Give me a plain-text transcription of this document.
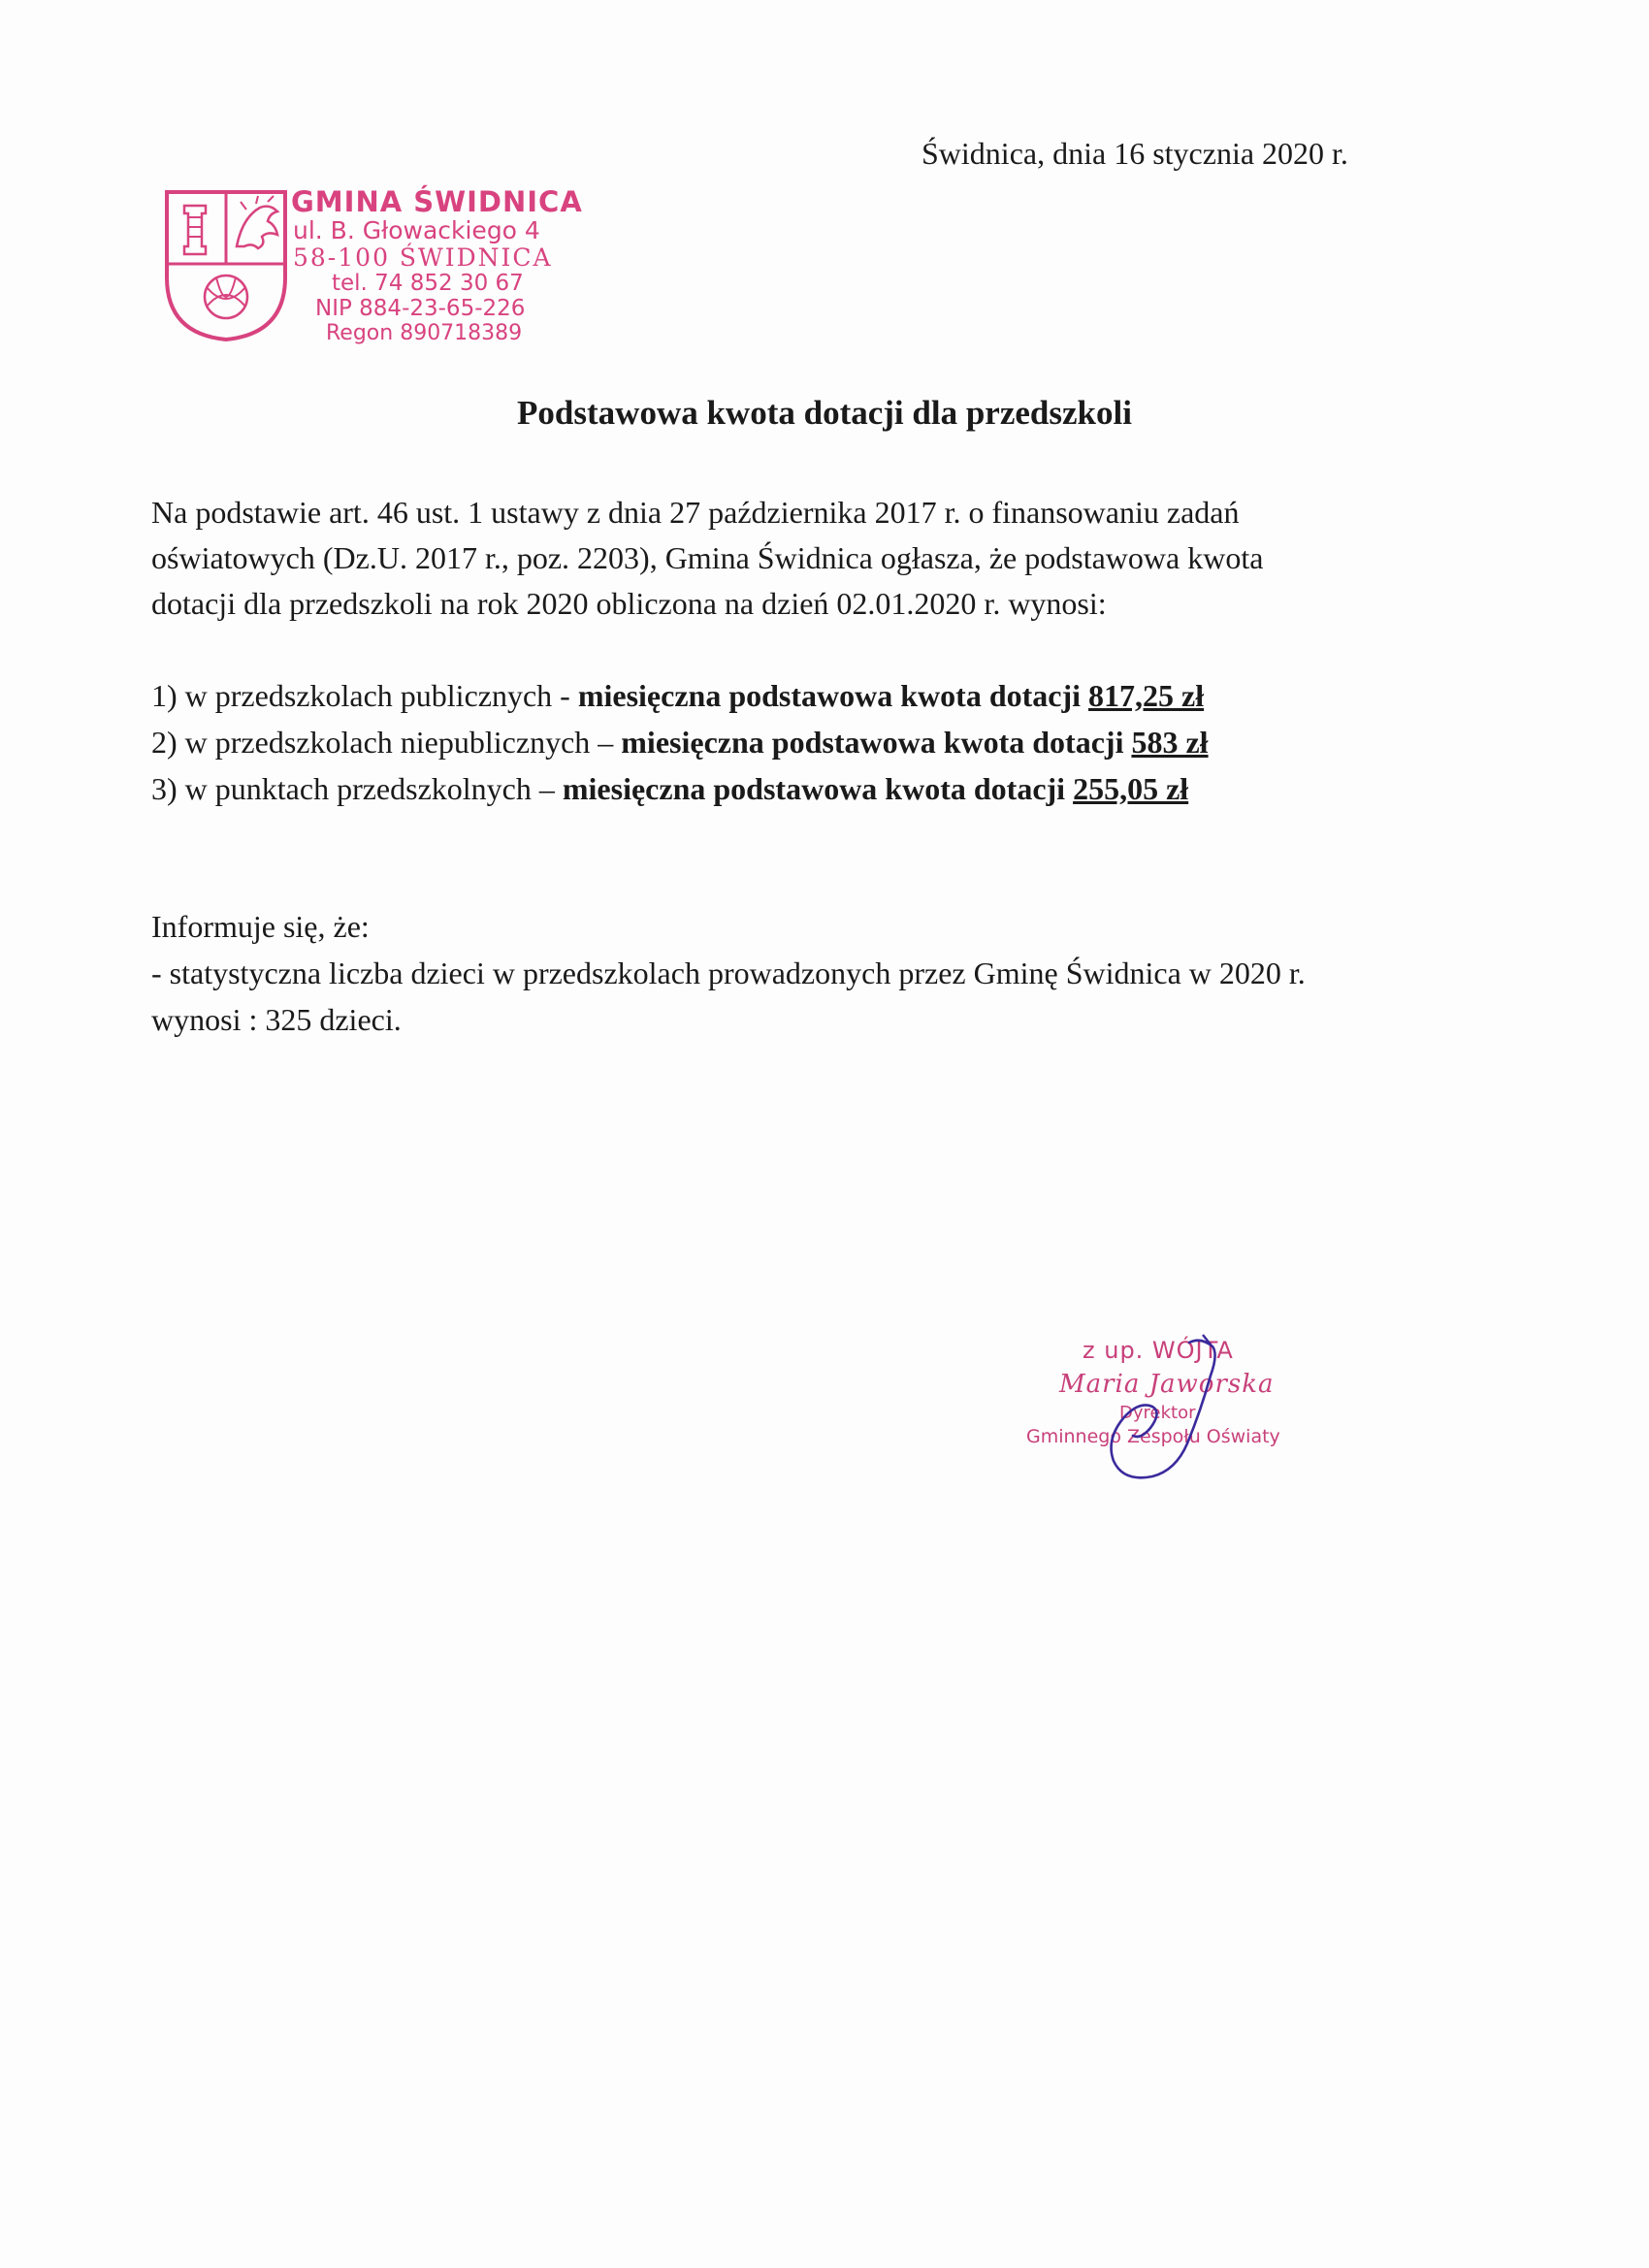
Świdnica, dnia 16 stycznia 2020 r.
GMINA ŚWIDNICA
ul. B. Głowackiego 4
58-100 ŚWIDNICA
tel. 74 852 30 67
NIP 884-23-65-226
Regon 890718389
Podstawowa kwota dotacji dla przedszkoli

Na podstawie art. 46 ust. 1 ustawy z dnia 27 października 2017 r. o finansowaniu zadań

oświatowych (Dz.U. 2017 r., poz. 2203), Gmina Świdnica ogłasza, że podstawowa kwota

dotacji dla przedszkoli na rok 2020 obliczona na dzień 02.01.2020 r. wynosi:

1) w przedszkolach publicznych - miesięczna podstawowa kwota dotacji 817,25 zł
2) w przedszkolach niepublicznych – miesięczna podstawowa kwota dotacji 583 zł
3) w punktach przedszkolnych – miesięczna podstawowa kwota dotacji 255,05 zł
Informuje się, że:
- statystyczna liczba dzieci w przedszkolach prowadzonych przez Gminę Świdnica w 2020 r.
wynosi : 325 dzieci.
z up. WÓJTA
Maria Jaworska
Dyrektor
Gminnego Zespołu Oświaty
